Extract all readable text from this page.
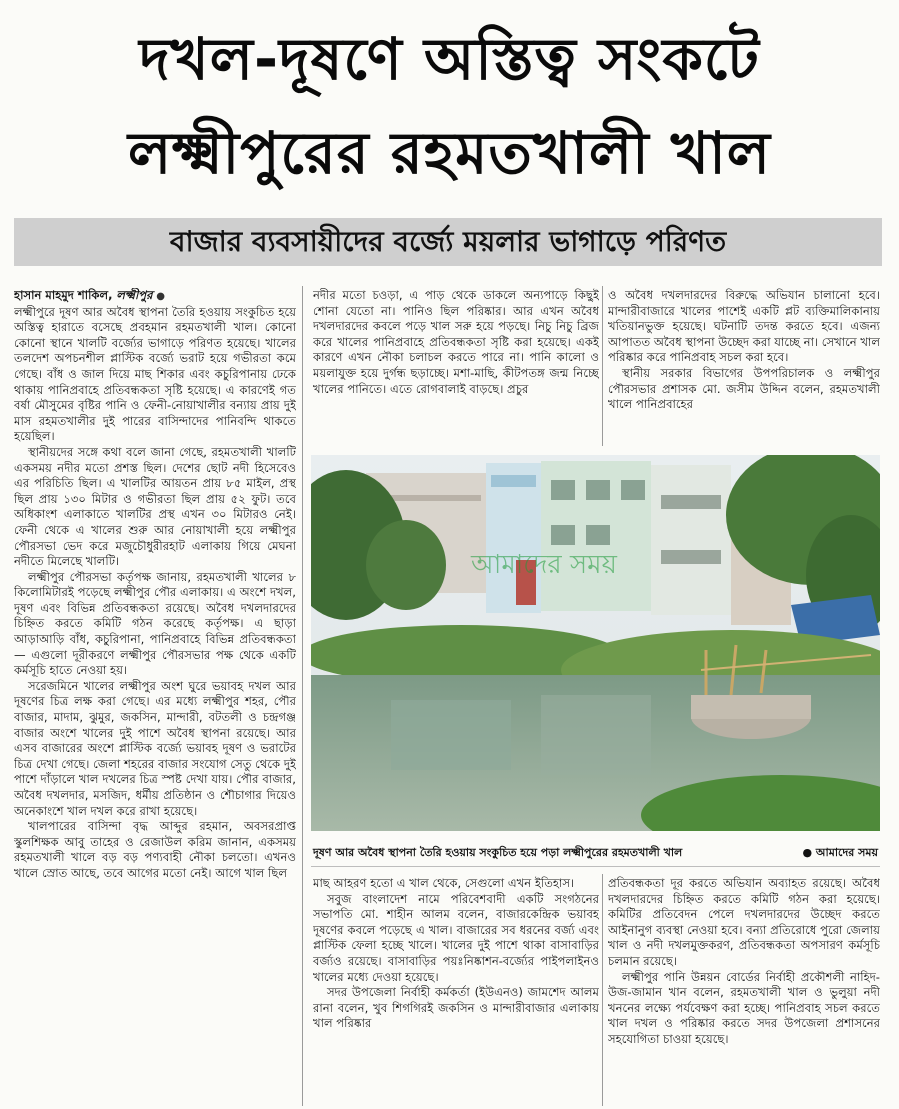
দখল-দূষণে অস্তিত্ব সংকটে
লক্ষ্মীপুরের রহমতখালী খাল
বাজার ব্যবসায়ীদের বর্জ্যে ময়লার ভাগাড়ে পরিণত

হাসান মাহমুদ শাকিল, লক্ষ্মীপুর ●

লক্ষ্মীপুরে দূষণ আর অবৈধ স্থাপনা তৈরি হওয়ায় সংকুচিত হয়ে অস্তিত্ব হারাতে বসেছে প্রবহমান রহমতখালী খাল। কোনো কোনো স্থানে খালটি বর্জ্যের ভাগাড়ে পরিণত হয়েছে। খালের তলদেশ অপচনশীল প্লাস্টিক বর্জ্যে ভরাট হয়ে গভীরতা কমে গেছে। বাঁধ ও জাল দিয়ে মাছ শিকার এবং কচুরিপানায় ঢেকে থাকায় পানিপ্রবাহে প্রতিবন্ধকতা সৃষ্টি হয়েছে। এ কারণেই গত বর্ষা মৌসুমের বৃষ্টির পানি ও ফেনী-নোয়াখালীর বন্যায় প্রায় দুই মাস রহমতখালীর দুই পারের বাসিন্দাদের পানিবন্দি থাকতে হয়েছিল।

স্থানীয়দের সঙ্গে কথা বলে জানা গেছে, রহমতখালী খালটি একসময় নদীর মতো প্রশস্ত ছিল। দেশের ছোট নদী হিসেবেও এর পরিচিতি ছিল। এ খালটির আয়তন প্রায় ৮৫ মাইল, প্রস্থ ছিল প্রায় ১৩০ মিটার ও গভীরতা ছিল প্রায় ৫২ ফুট। তবে অধিকাংশ এলাকাতে খালটির প্রস্থ এখন ৩০ মিটারও নেই। ফেনী থেকে এ খালের শুরু আর নোয়াখালী হয়ে লক্ষ্মীপুর পৌরসভা ভেদ করে মজুচৌধুরীরহাট এলাকায় গিয়ে মেঘনা নদীতে মিলেছে খালটি।

লক্ষ্মীপুর পৌরসভা কর্তৃপক্ষ জানায়, রহমতখালী খালের ৮ কিলোমিটারই পড়েছে লক্ষ্মীপুর পৌর এলাকায়। এ অংশে দখল, দূষণ এবং বিভিন্ন প্রতিবন্ধকতা রয়েছে। অবৈধ দখলদারদের চিহ্নিত করতে কমিটি গঠন করেছে কর্তৃপক্ষ। এ ছাড়া আড়াআড়ি বাঁধ, কচুরিপানা, পানিপ্রবাহে বিভিন্ন প্রতিবন্ধকতা— এগুলো দূরীকরণে লক্ষ্মীপুর পৌরসভার পক্ষ থেকে একটি কর্মসূচি হাতে নেওয়া হয়।

সরেজমিনে খালের লক্ষ্মীপুর অংশ ঘুরে ভয়াবহ দখল আর দূষণের চিত্র লক্ষ করা গেছে। এর মধ্যে লক্ষ্মীপুর শহর, পৌর বাজার, মাদাম, ঝুমুর, জকসিন, মান্দারী, বটতলী ও চন্দ্রগঞ্জ বাজার অংশে খালের দুই পাশে অবৈধ স্থাপনা রয়েছে। আর এসব বাজারের অংশে প্লাস্টিক বর্জ্যে ভয়াবহ দূষণ ও ভরাটের চিত্র দেখা গেছে। জেলা শহরের বাজার সংযোগ সেতু থেকে দুই পাশে দাঁড়ালে খাল দখলের চিত্র স্পষ্ট দেখা যায়। পৌর বাজার, অবৈধ দখলদার, মসজিদ, ধর্মীয় প্রতিষ্ঠান ও শৌচাগার দিয়েও অনেকাংশে খাল দখল করে রাখা হয়েছে।

খালপারের বাসিন্দা বৃদ্ধ আব্দুর রহমান, অবসরপ্রাপ্ত স্কুলশিক্ষক আবু তাহের ও রেজাউল করিম জানান, একসময় রহমতখালী খালে বড় বড় পণ্যবাহী নৌকা চলতো। এখনও খালে স্রোত আছে, তবে আগের মতো নেই। আগে খাল ছিল

নদীর মতো চওড়া, এ পাড় থেকে ডাকলে অন্যপাড়ে কিছুই শোনা যেতো না। পানিও ছিল পরিষ্কার। আর এখন অবৈধ দখলদারদের কবলে পড়ে খাল সরু হয়ে পড়ছে। নিচু নিচু ব্রিজ করে খালের পানিপ্রবাহে প্রতিবন্ধকতা সৃষ্টি করা হয়েছে। একই কারণে এখন নৌকা চলাচল করতে পারে না। পানি কালো ও ময়লাযুক্ত হয়ে দুর্গন্ধ ছড়াচ্ছে। মশা-মাছি, কীটপতঙ্গ জন্ম নিচ্ছে খালের পানিতে। এতে রোগবালাই বাড়ছে। প্রচুর

ও অবৈধ দখলদারদের বিরুদ্ধে অভিযান চালানো হবে। মান্দারীবাজারে খালের পাশেই একটি প্লট ব্যক্তিমালিকানায় খতিয়ানভুক্ত হয়েছে। ঘটনাটি তদন্ত করতে হবে। এজন্য আপাতত অবৈধ স্থাপনা উচ্ছেদ করা যাচ্ছে না। সেখানে খাল পরিষ্কার করে পানিপ্রবাহ সচল করা হবে।

স্থানীয় সরকার বিভাগের উপপরিচালক ও লক্ষ্মীপুর পৌরসভার প্রশাসক মো. জসীম উদ্দিন বলেন, রহমতখালী খালে পানিপ্রবাহের

আমাদের সময়
দূষণ আর অবৈধ স্থাপনা তৈরি হওয়ায় সংকুচিত হয়ে পড়া লক্ষ্মীপুরের রহমতখালী খাল	● আমাদের সময়

মাছ আহরণ হতো এ খাল থেকে, সেগুলো এখন ইতিহাস।

সবুজ বাংলাদেশ নামে পরিবেশবাদী একটি সংগঠনের সভাপতি মো. শাহীন আলম বলেন, বাজারকেন্দ্রিক ভয়াবহ দূষণের কবলে পড়েছে এ খাল। বাজারের সব ধরনের বর্জ্য এবং প্লাস্টিক ফেলা হচ্ছে খালে। খালের দুই পাশে থাকা বাসাবাড়ির বর্জ্যও রয়েছে। বাসাবাড়ির পয়ঃনিষ্কাশন-বর্জ্যের পাইপলাইনও খালের মধ্যে দেওয়া হয়েছে।

সদর উপজেলা নির্বাহী কর্মকর্তা (ইউএনও) জামশেদ আলম রানা বলেন, খুব শিগগিরই জকসিন ও মান্দারীবাজার এলাকায় খাল পরিষ্কার

প্রতিবন্ধকতা দূর করতে অভিযান অব্যাহত রয়েছে। অবৈধ দখলদারদের চিহ্নিত করতে কমিটি গঠন করা হয়েছে। কমিটির প্রতিবেদন পেলে দখলদারদের উচ্ছেদ করতে আইনানুগ ব্যবস্থা নেওয়া হবে। বন্যা প্রতিরোধে পুরো জেলায় খাল ও নদী দখলমুক্তকরণ, প্রতিবন্ধকতা অপসারণ কর্মসূচি চলমান রয়েছে।

লক্ষ্মীপুর পানি উন্নয়ন বোর্ডের নির্বাহী প্রকৌশলী নাহিদ-উজ-জামান খান বলেন, রহমতখালী খাল ও ভুলুয়া নদী খননের লক্ষ্যে পর্যবেক্ষণ করা হচ্ছে। পানিপ্রবাহ সচল করতে খাল দখল ও পরিষ্কার করতে সদর উপজেলা প্রশাসনের সহযোগিতা চাওয়া হয়েছে।
